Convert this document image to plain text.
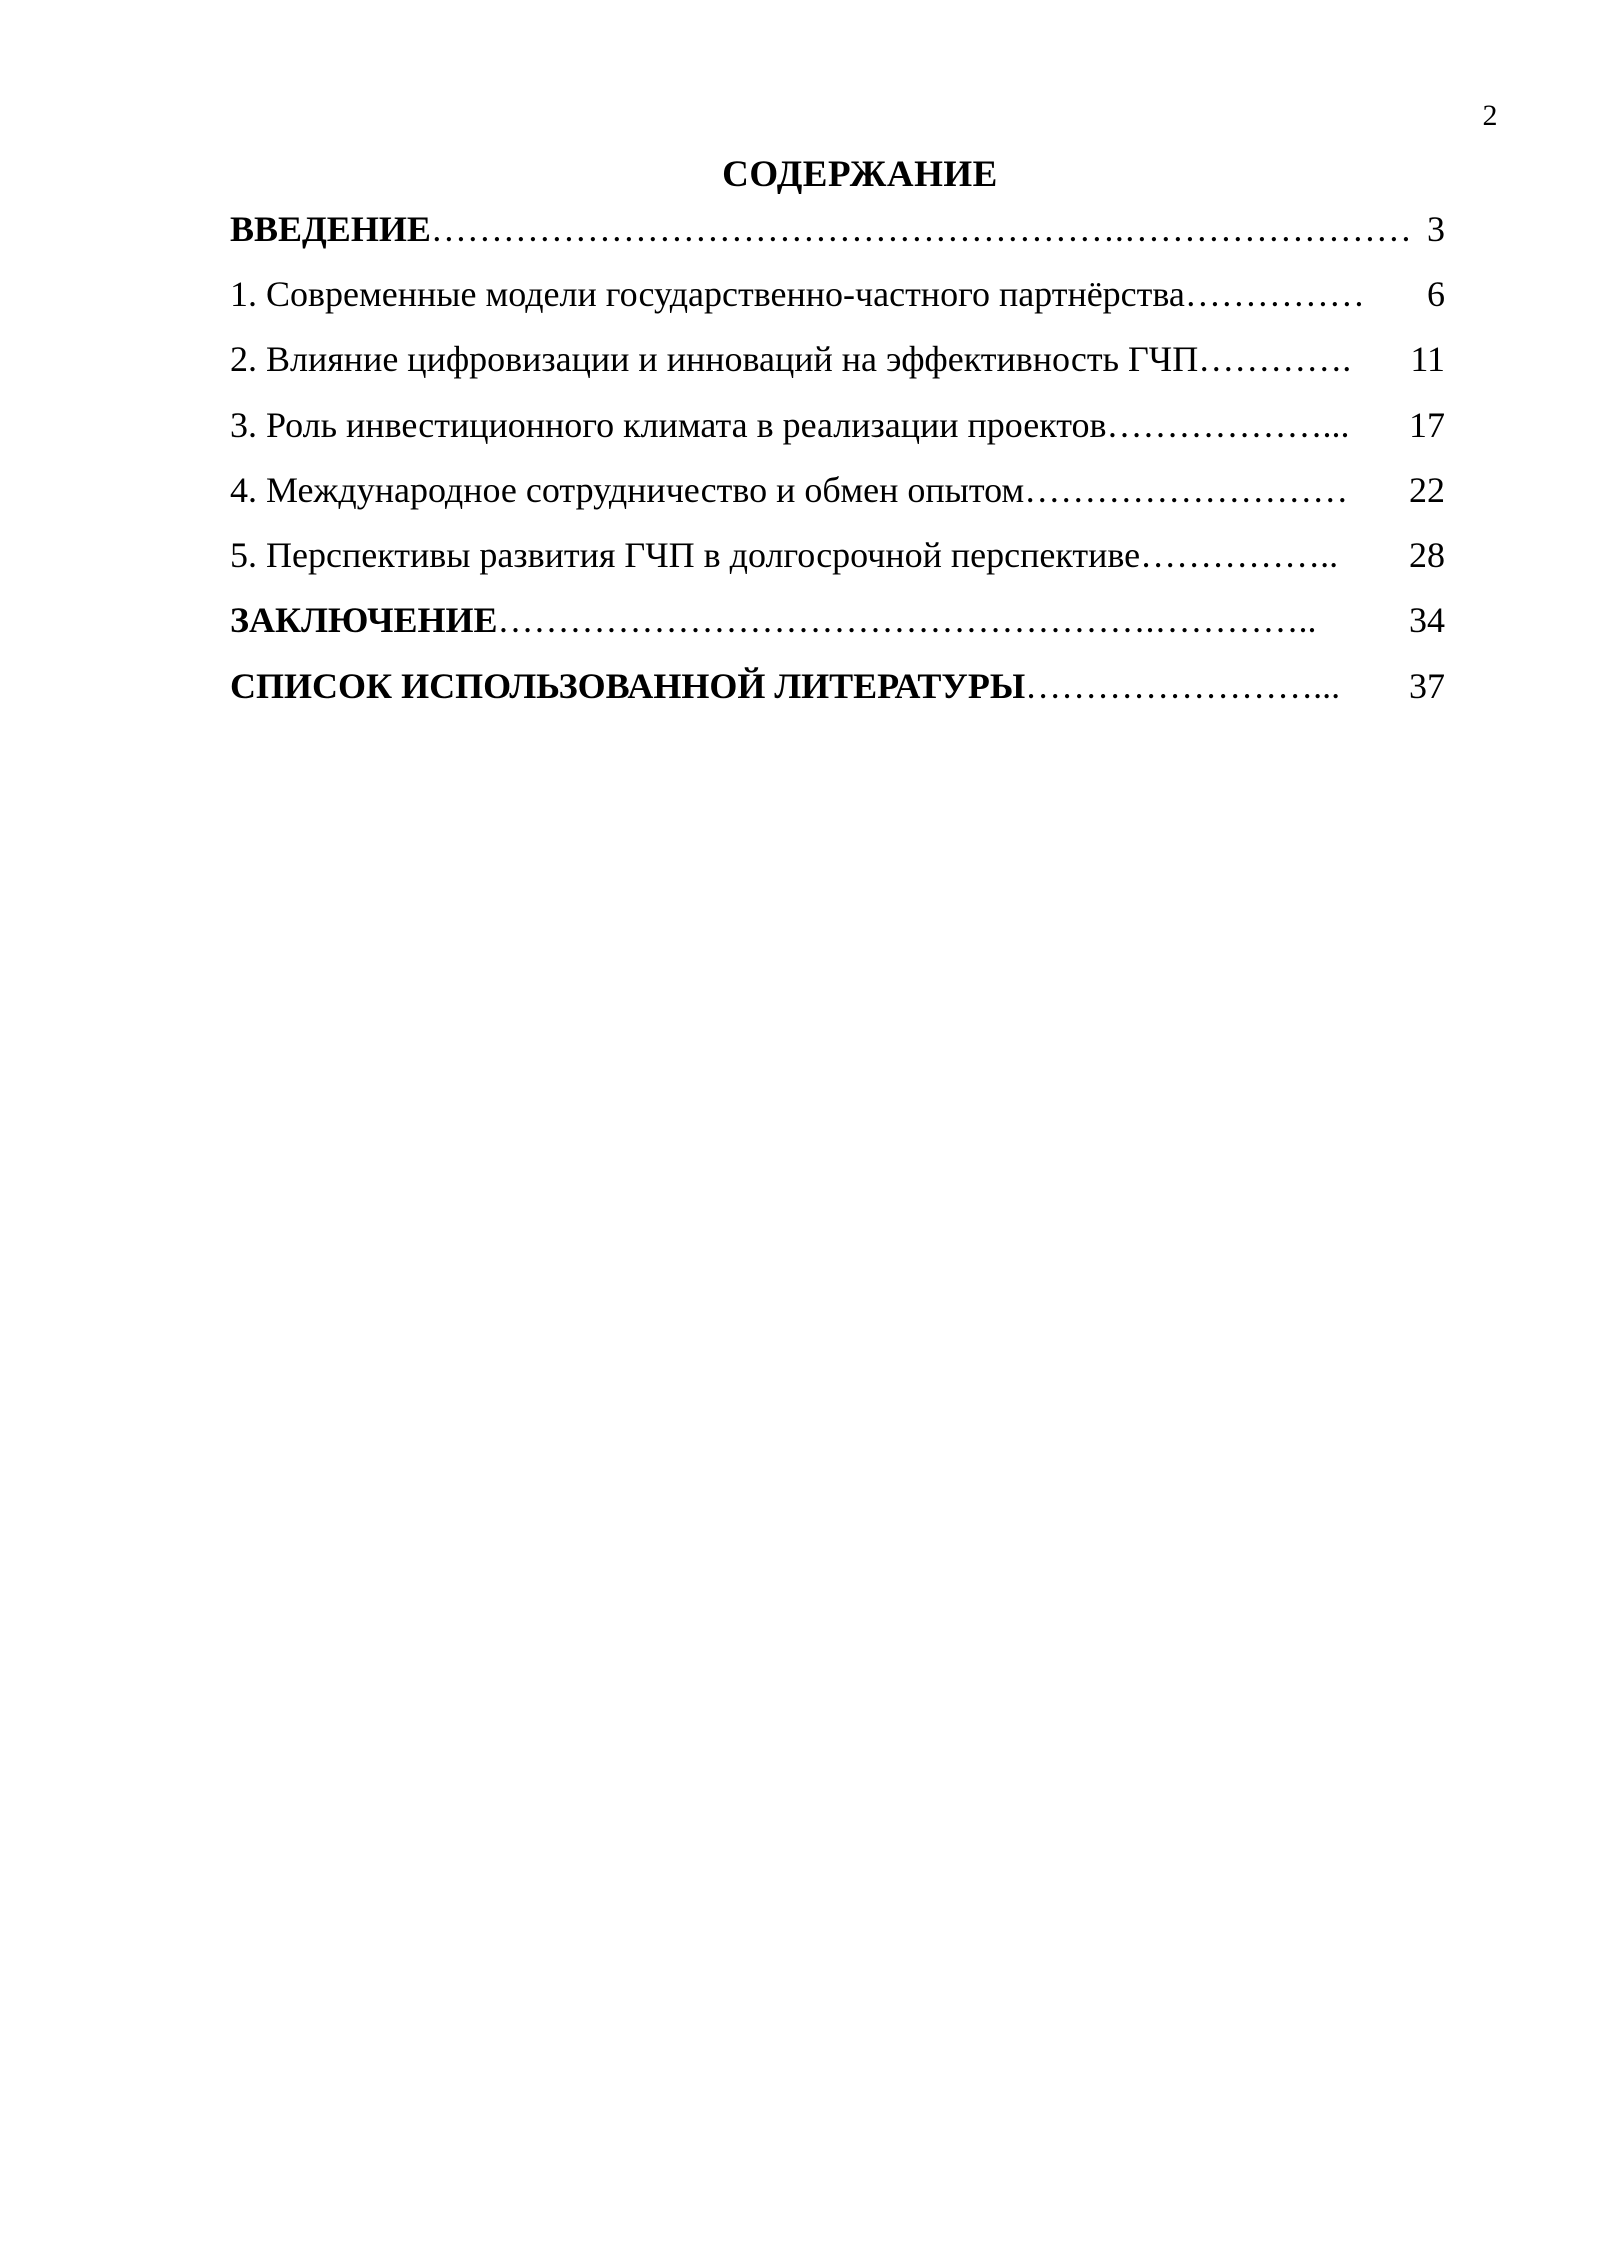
2
СОДЕРЖАНИЕ
ВВЕДЕНИЕ ………………………………………………….…………………… 3
1. Современные модели государственно-частного партнёрства …………… 6
2. Влияние цифровизации и инноваций на эффективность ГЧП …………. 11
3. Роль инвестиционного климата в реализации проектов ………………... 17
4. Международное сотрудничество и обмен опытом ……………………… 22
5. Перспективы развития ГЧП в долгосрочной перспективе …………….. 28
ЗАКЛЮЧЕНИЕ ……………………………………………….…………..	34
СПИСОК ИСПОЛЬЗОВАННОЙ ЛИТЕРАТУРЫ ……………………... 37
